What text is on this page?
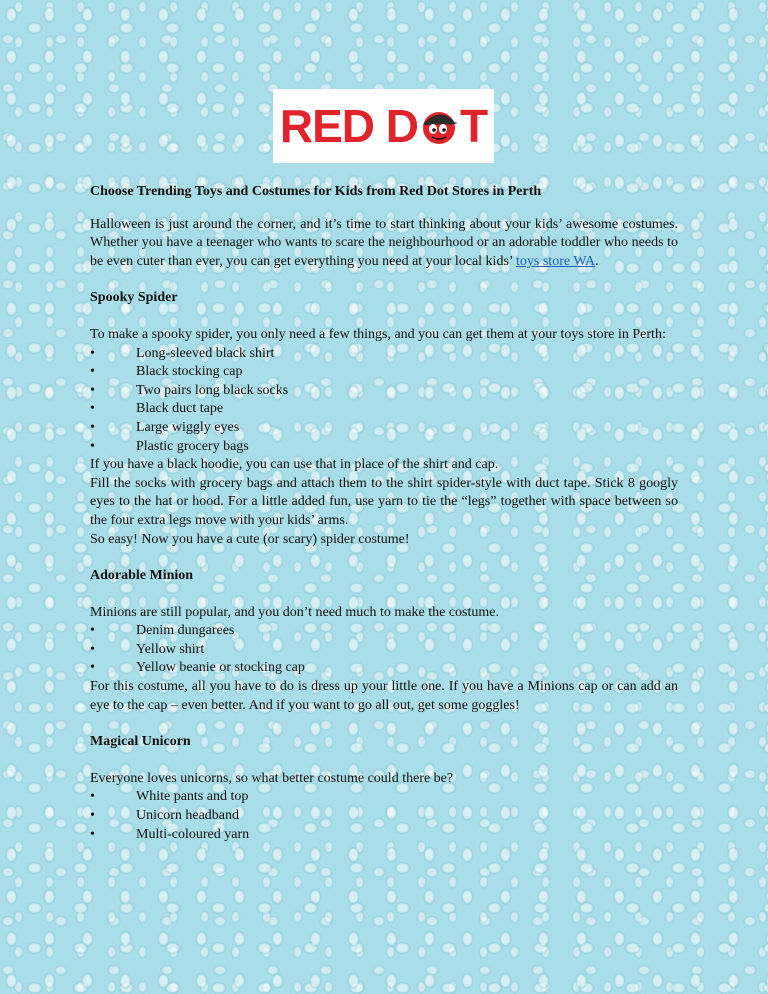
RED D T
Choose Trending Toys and Costumes for Kids from Red Dot Stores in Perth
Halloween is just around the corner, and it’s time to start thinking about your kids’ awesome costumes. Whether you have a teenager who wants to scare the neighbourhood or an adorable toddler who needs to be even cuter than ever, you can get everything you need at your local kids’ toys store WA.
Spooky Spider
To make a spooky spider, you only need a few things, and you can get them at your toys store in Perth:
•	Long-sleeved black shirt
•	Black stocking cap
•	Two pairs long black socks
•	Black duct tape
•	Large wiggly eyes
•	Plastic grocery bags
If you have a black hoodie, you can use that in place of the shirt and cap.
Fill the socks with grocery bags and attach them to the shirt spider-style with duct tape. Stick 8 googly eyes to the hat or hood. For a little added fun, use yarn to tie the “legs” together with space between so the four extra legs move with your kids’ arms.
So easy! Now you have a cute (or scary) spider costume!
Adorable Minion
Minions are still popular, and you don’t need much to make the costume.
•	Denim dungarees
•	Yellow shirt
•	Yellow beanie or stocking cap
For this costume, all you have to do is dress up your little one. If you have a Minions cap or can add an eye to the cap – even better. And if you want to go all out, get some goggles!
Magical Unicorn
Everyone loves unicorns, so what better costume could there be?
•	White pants and top
•	Unicorn headband
•	Multi-coloured yarn
